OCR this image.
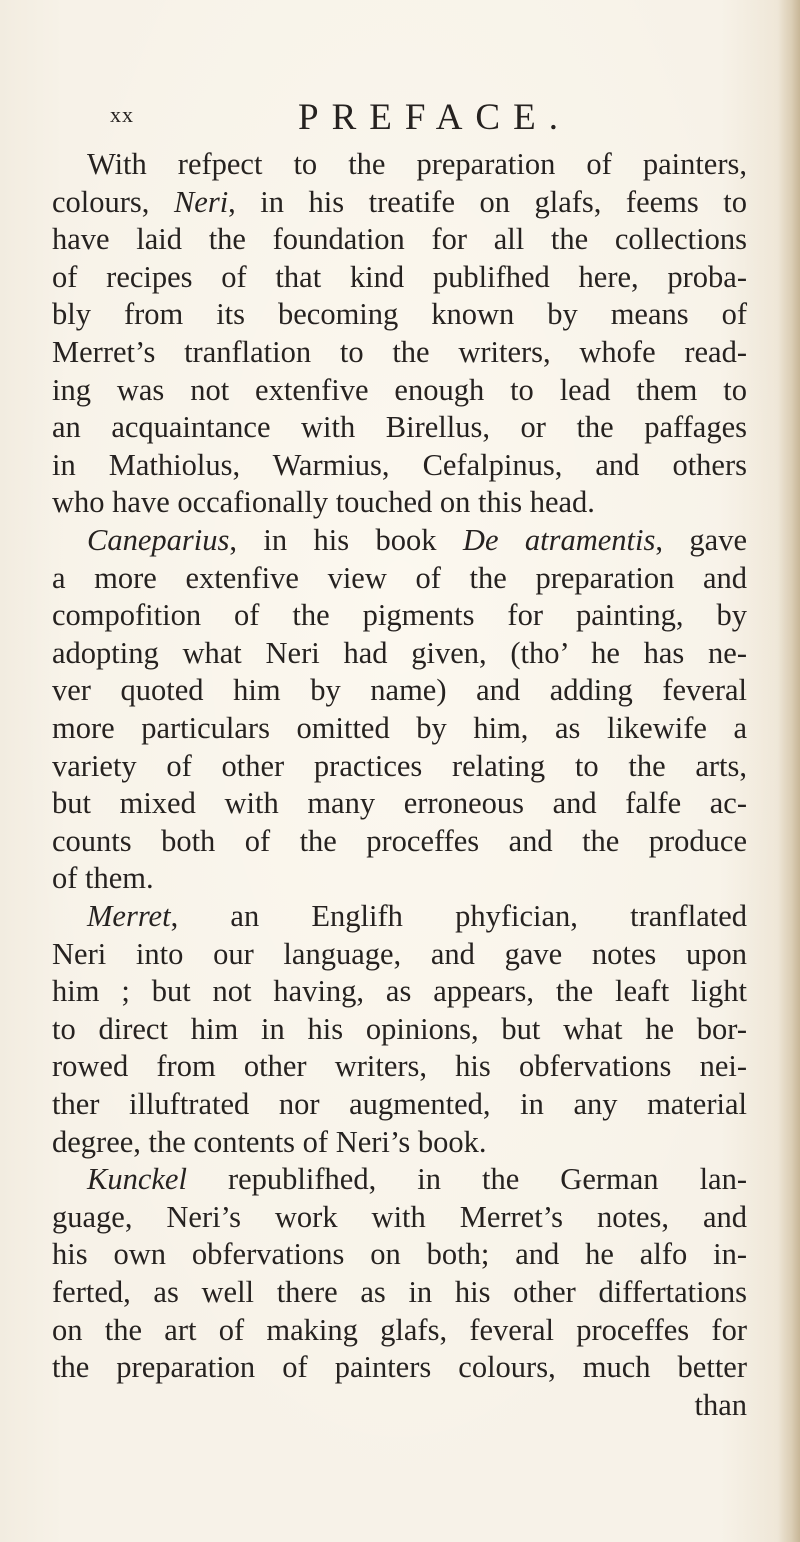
xx	PREFACE.
With refpect to the preparation of painters,
colours, Neri, in his treatife on glafs, feems to
have laid the foundation for all the collections
of recipes of that kind publifhed here, proba-
bly from its becoming known by means of
Merret’s tranflation to the writers, whofe read-
ing was not extenfive enough to lead them to
an acquaintance with Birellus, or the paffages
in Mathiolus, Warmius, Cefalpinus, and others
who have occafionally touched on this head.
Caneparius, in his book De atramentis, gave
a more extenfive view of the preparation and
compofition of the pigments for painting, by
adopting what Neri had given, (tho’ he has ne-
ver quoted him by name) and adding feveral
more particulars omitted by him, as likewife a
variety of other practices relating to the arts,
but mixed with many erroneous and falfe ac-
counts both of the proceffes and the produce
of them.
Merret, an Englifh phyfician, tranflated
Neri into our language, and gave notes upon
him ; but not having, as appears, the leaft light
to direct him in his opinions, but what he bor-
rowed from other writers, his obfervations nei-
ther illuftrated nor augmented, in any material
degree, the contents of Neri’s book.
Kunckel republifhed, in the German lan-
guage, Neri’s work with Merret’s notes, and
his own obfervations on both; and he alfo in-
ferted, as well there as in his other differtations
on the art of making glafs, feveral proceffes for
the preparation of painters colours, much better
than
